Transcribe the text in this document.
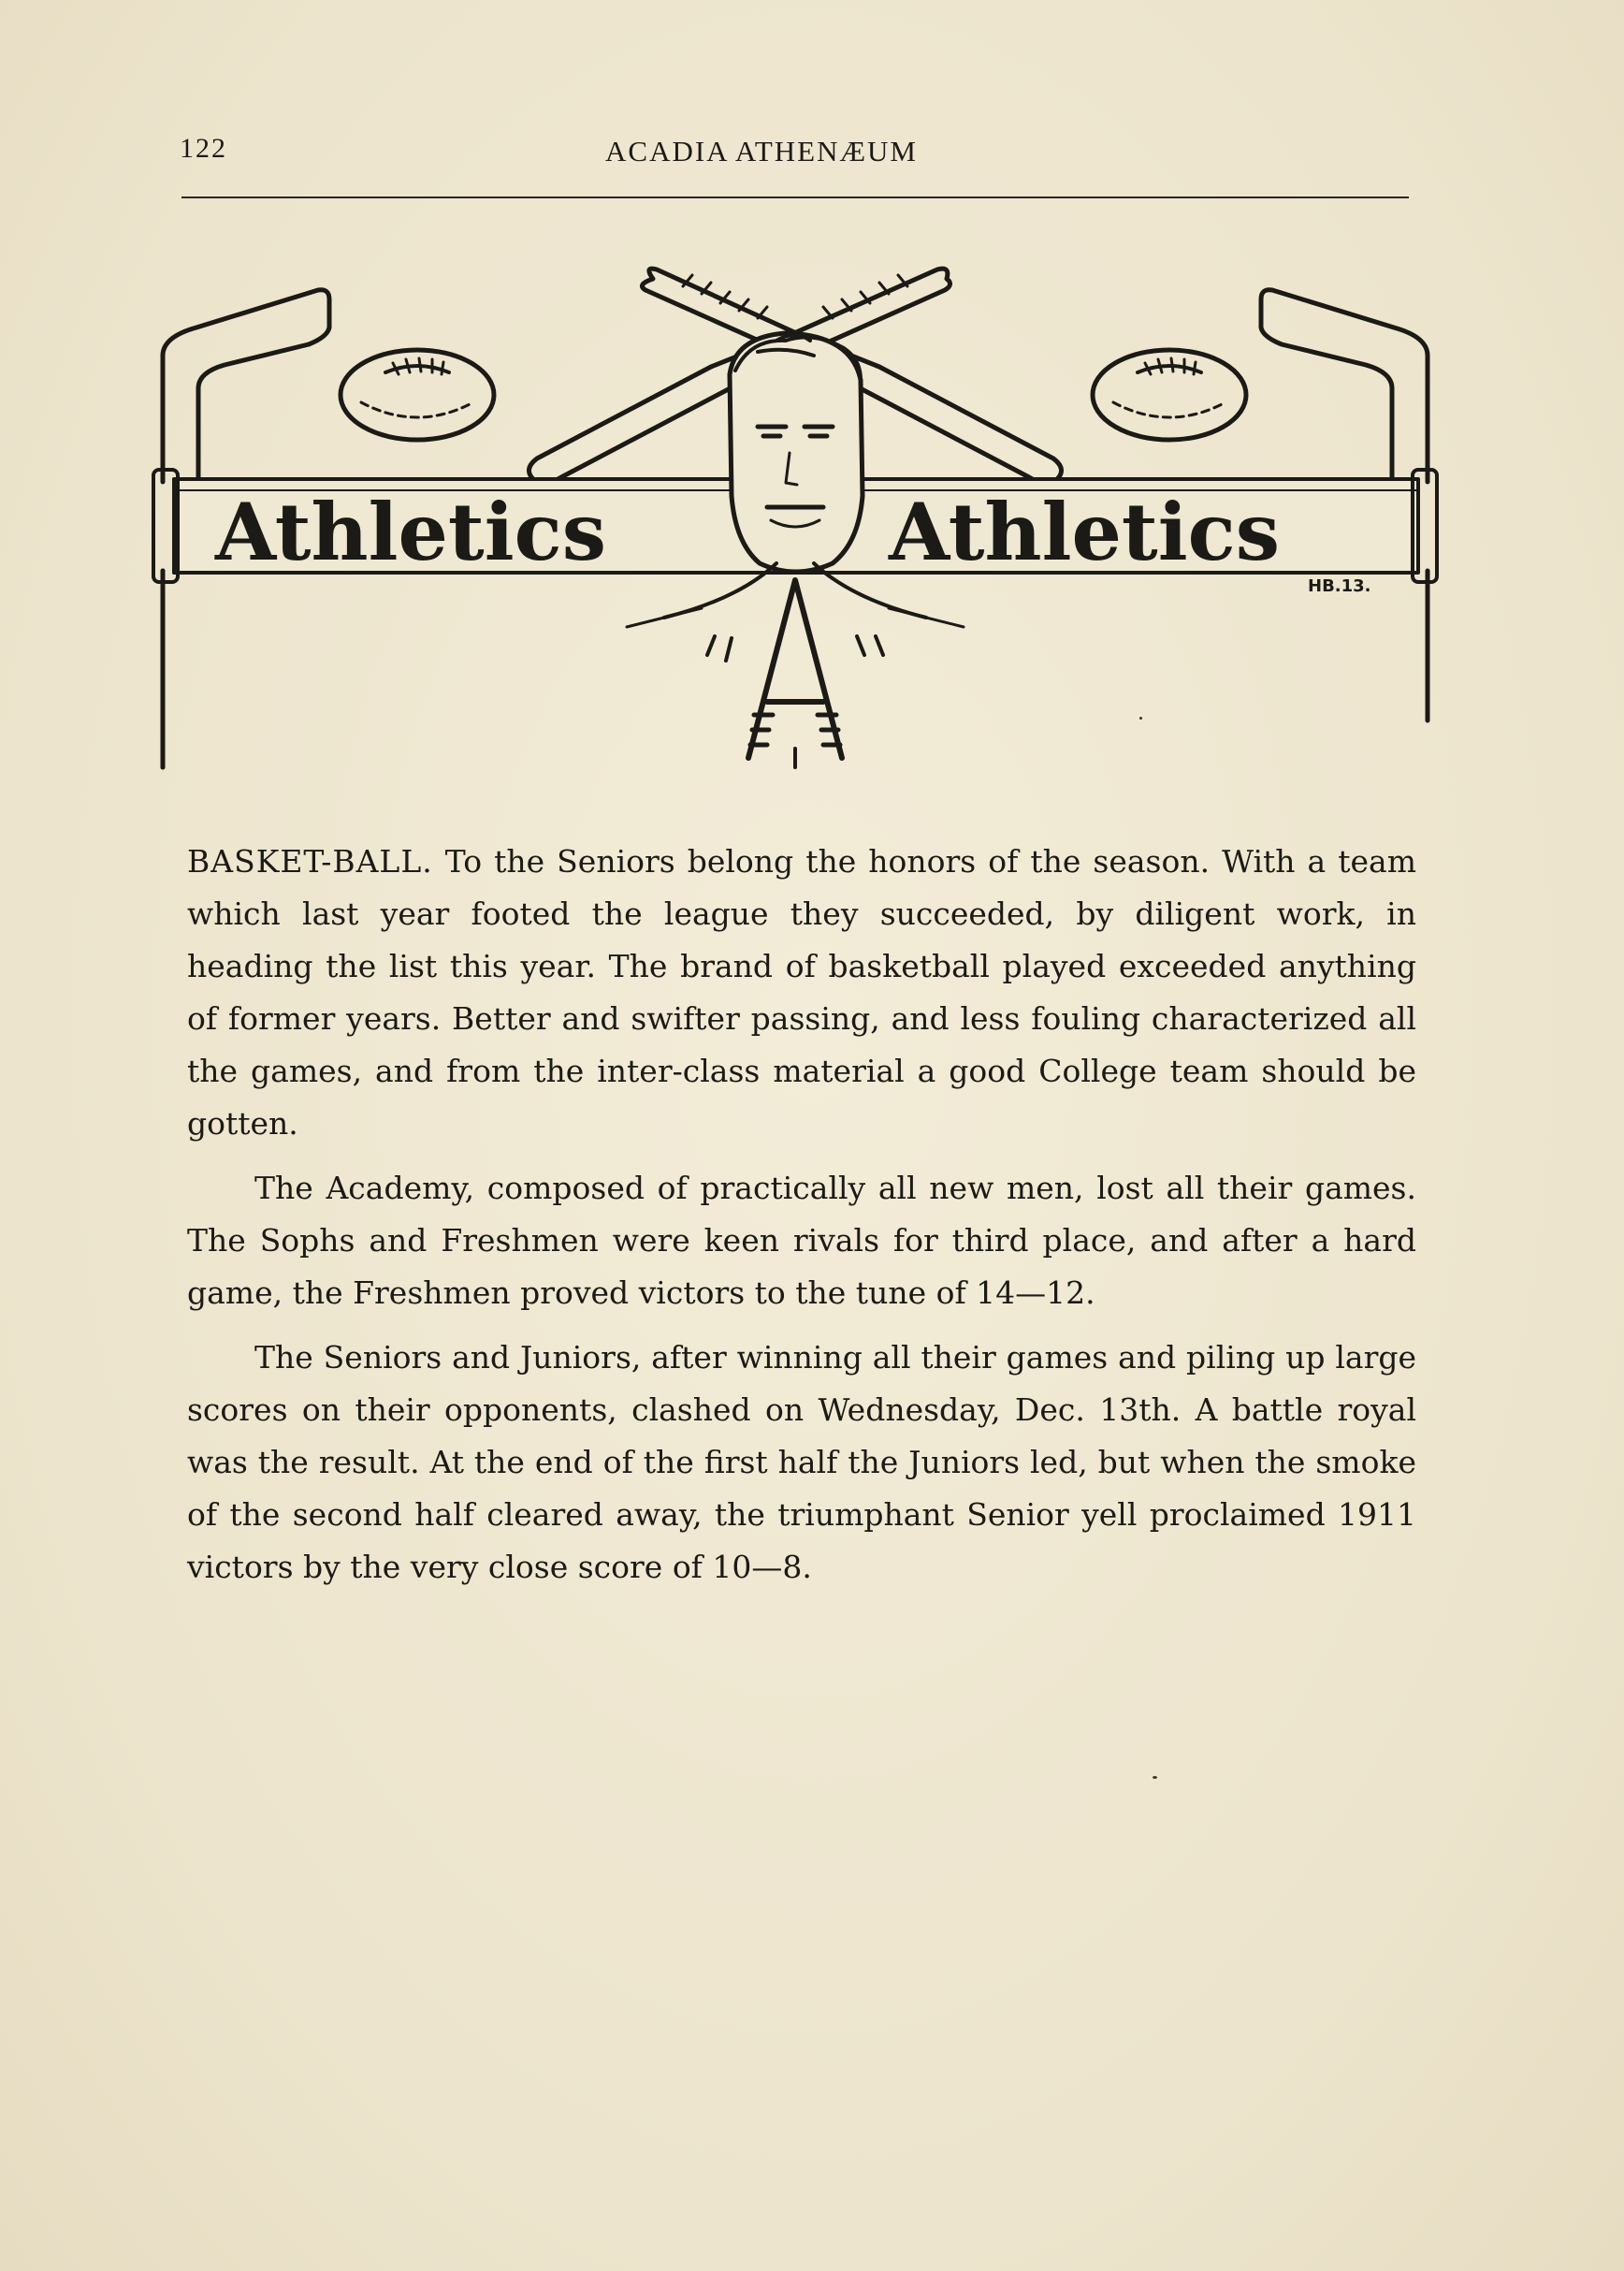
122	ACADIA ATHENÆUM
Athletics	Athletics
HB.13.

BASKET-BALL. To the Seniors belong the honors of the season. With a team which last year footed the league they succeeded, by diligent work, in heading the list this year. The brand of basketball played exceeded anything of former years. Better and swifter passing, and less fouling characterized all the games, and from the inter-class material a good College team should be gotten.

The Academy, composed of practically all new men, lost all their games. The Sophs and Freshmen were keen rivals for third place, and after a hard game, the Freshmen proved victors to the tune of 14—12.

The Seniors and Juniors, after winning all their games and piling up large scores on their opponents, clashed on Wednesday, Dec. 13th. A battle royal was the result. At the end of the first half the Juniors led, but when the smoke of the second half cleared away, the triumphant Senior yell proclaimed 1911 victors by the very close score of 10—8.
